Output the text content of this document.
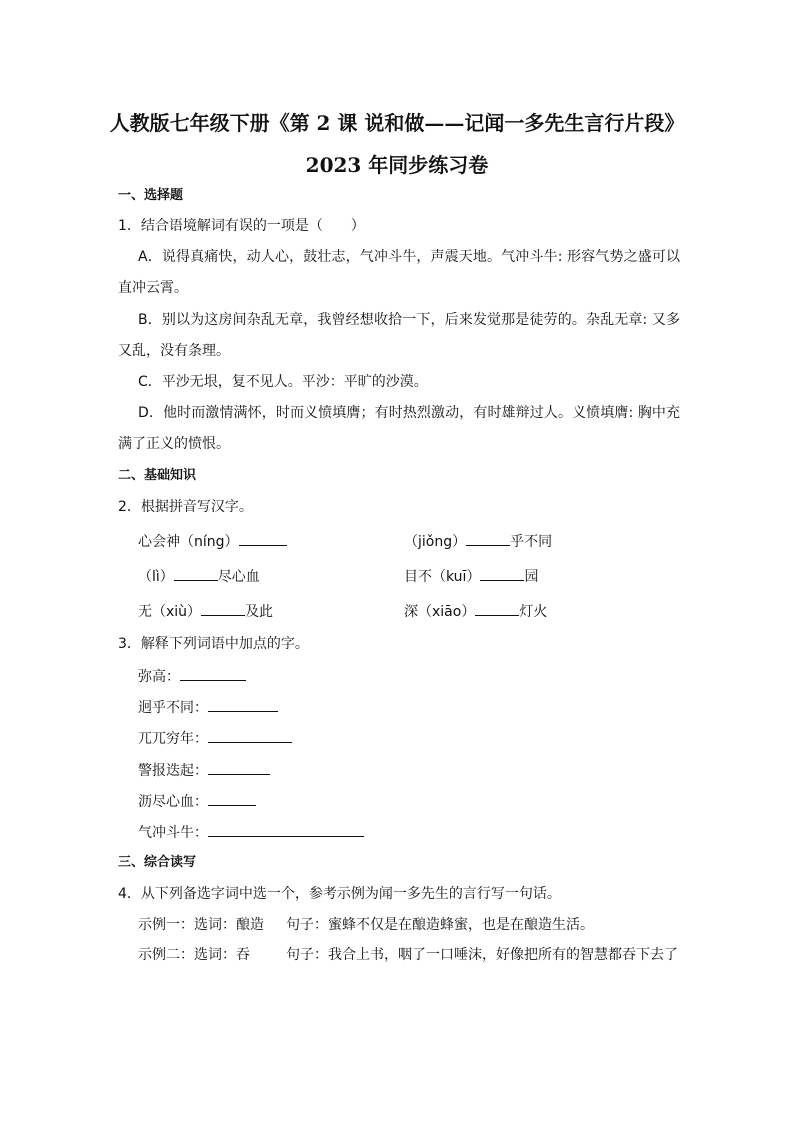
人教版七年级下册《第 2 课 说和做——记闻一多先生言行片段》
2023 年同步练习卷
一、选择题
1．结合语境解词有误的一项是（　　）
A．说得真痛快，动人心，鼓壮志，气冲斗牛，声震天地。气冲斗牛: 形容气势之盛可以直冲云霄。
B．别以为这房间杂乱无章，我曾经想收拾一下，后来发觉那是徒劳的。杂乱无章: 又多又乱，没有条理。
C．平沙无垠，复不见人。平沙：平旷的沙漠。
D．他时而激情满怀，时而义愤填膺；有时热烈激动，有时雄辩过人。义愤填膺: 胸中充满了正义的愤恨。
二、基础知识
2．根据拼音写汉字。
心会神（níng）	（jiǒng）	乎不同
（lì）	尽心血	目不（kuī）	园
无（xiù）	及此	深（xiāo）	灯火
3．解释下列词语中加点的字。
弥高：
迥乎不同：
兀兀穷年：
警报迭起：
沥尽心血：
气冲斗牛：
三、综合读写
4．从下列备选字词中选一个，参考示例为闻一多先生的言行写一句话。
示例一：选词：酿造 句子：蜜蜂不仅是在酿造蜂蜜，也是在酿造生活。
示例二：选词：吞	句子：我合上书，咽了一口唾沫，好像把所有的智慧都吞下去了
